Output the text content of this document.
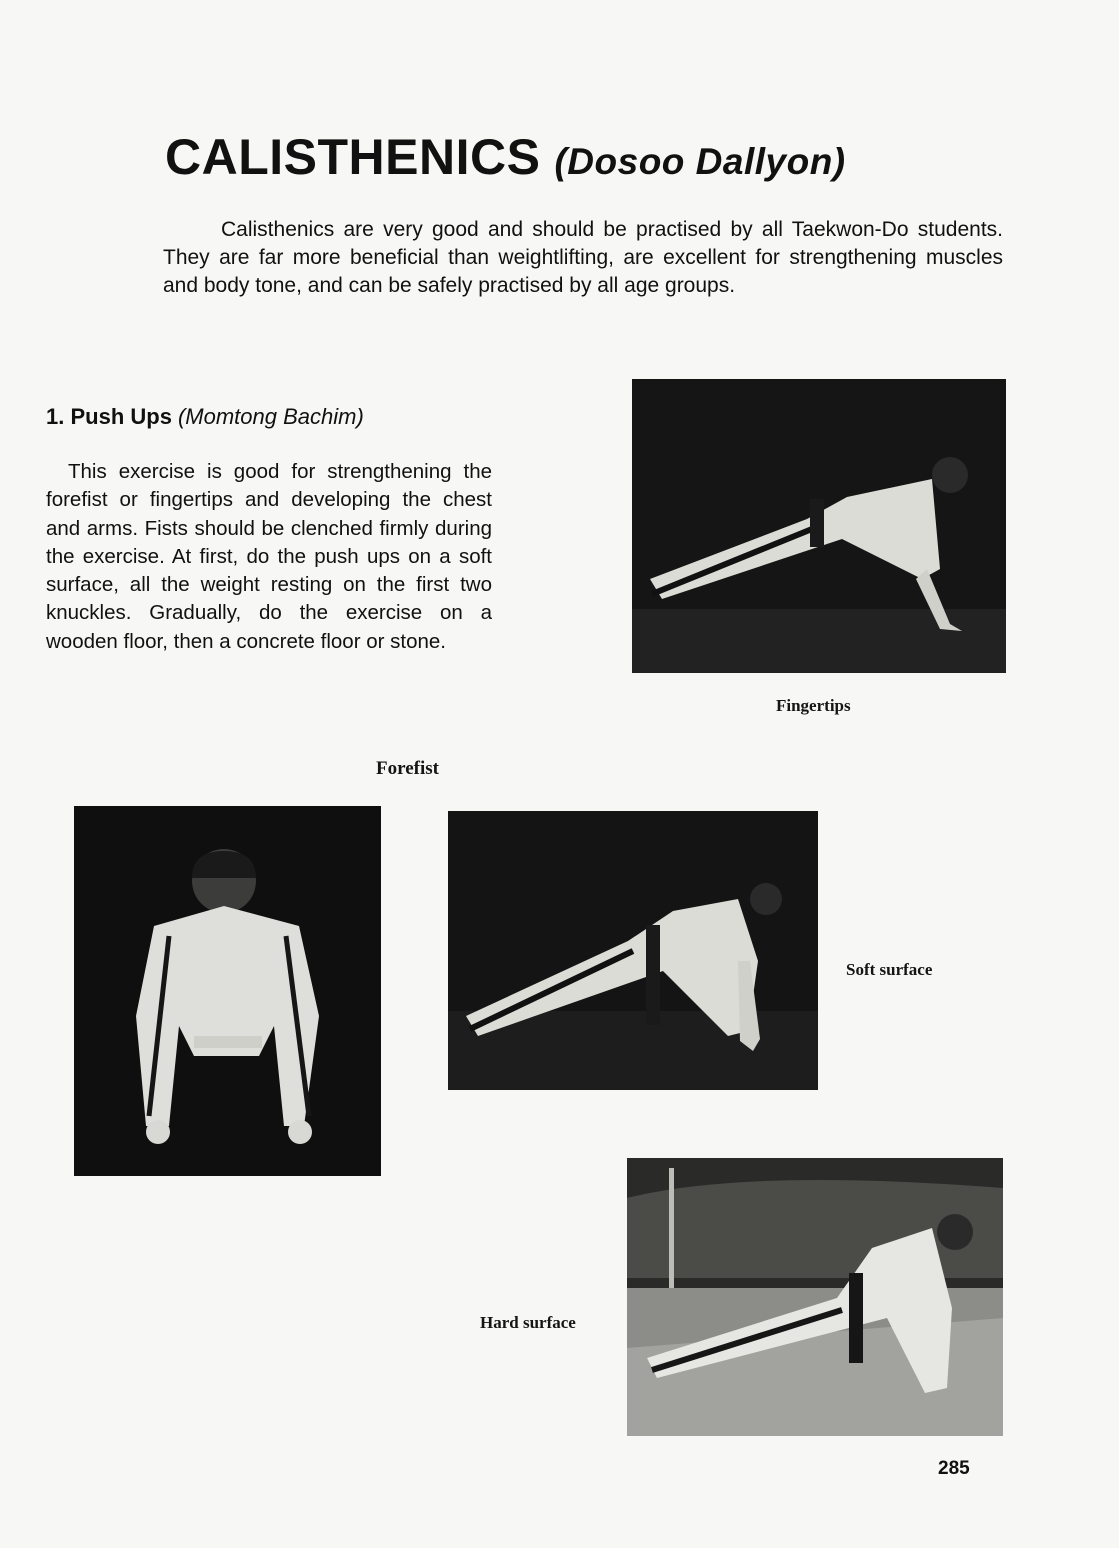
CALISTHENICS (Dosoo Dallyon)
Calisthenics are very good and should be practised by all Taekwon-Do students. They are far more beneficial than weightlifting, are excellent for strengthening muscles and body tone, and can be safely practised by all age groups.
1. Push Ups (Momtong Bachim)
This exercise is good for strengthening the forefist or fingertips and developing the chest and arms. Fists should be clenched firmly during the exercise. At first, do the push ups on a soft surface, all the weight resting on the first two knuckles. Gradually, do the exercise on a wooden floor, then a concrete floor or stone.
Fingertips
Forefist
Soft surface
Hard surface
285
